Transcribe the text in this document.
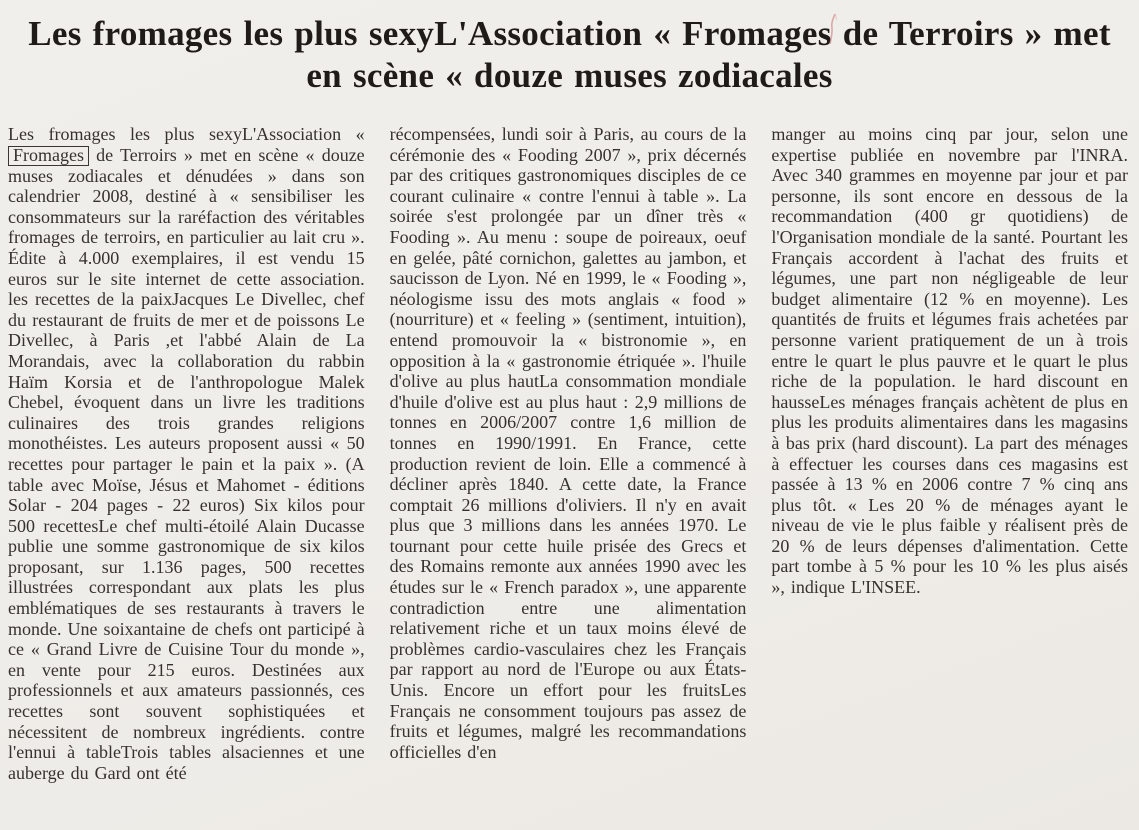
Les fromages les plus sexyL'Association « Fromages de Terroirs » met
en scène « douze muses zodiacales
Les fromages les plus sexyL'Association « Fromages de Terroirs » met en scène « douze muses zodiacales et dénudées » dans son calendrier 2008, destiné à « sensibiliser les consommateurs sur la raréfaction des véritables fromages de terroirs, en particulier au lait cru ». Édite à 4.000 exemplaires, il est vendu 15 euros sur le site internet de cette association. les recettes de la paixJacques Le Divellec, chef du restaurant de fruits de mer et de poissons Le Divellec, à Paris ,et l'abbé Alain de La Morandais, avec la collaboration du rabbin Haïm Korsia et de l'anthropologue Malek Chebel, évoquent dans un livre les traditions culinaires des trois grandes religions monothéistes. Les auteurs proposent aussi « 50 recettes pour partager le pain et la paix ». (A table avec Moïse, Jésus et Mahomet - éditions Solar - 204 pages - 22 euros) Six kilos pour 500 recettesLe chef multi-étoilé Alain Ducasse publie une somme gastronomique de six kilos proposant, sur 1.136 pages, 500 recettes illustrées correspondant aux plats les plus emblématiques de ses restaurants à travers le monde. Une soixantaine de chefs ont participé à ce « Grand Livre de Cuisine Tour du monde », en vente pour 215 euros. Destinées aux professionnels et aux amateurs passionnés, ces recettes sont souvent sophistiquées et nécessitent de nombreux ingrédients. contre l'ennui à tableTrois tables alsaciennes et une auberge du Gard ont été
récompensées, lundi soir à Paris, au cours de la cérémonie des « Fooding 2007 », prix décernés par des critiques gastronomiques disciples de ce courant culinaire « contre l'ennui à table ». La soirée s'est prolongée par un dîner très « Fooding ». Au menu : soupe de poireaux, oeuf en gelée, pâté cornichon, galettes au jambon, et saucisson de Lyon. Né en 1999, le « Fooding », néologisme issu des mots anglais « food » (nourriture) et « feeling » (sentiment, intuition), entend promouvoir la « bistronomie », en opposition à la « gastronomie étriquée ». l'huile d'olive au plus hautLa consommation mondiale d'huile d'olive est au plus haut : 2,9 millions de tonnes en 2006/2007 contre 1,6 million de tonnes en 1990/1991. En France, cette production revient de loin. Elle a commencé à décliner après 1840. A cette date, la France comptait 26 millions d'oliviers. Il n'y en avait plus que 3 millions dans les années 1970. Le tournant pour cette huile prisée des Grecs et des Romains remonte aux années 1990 avec les études sur le « French paradox », une apparente contradiction entre une alimentation relativement riche et un taux moins élevé de problèmes cardio-vasculaires chez les Français par rapport au nord de l'Europe ou aux États-Unis. Encore un effort pour les fruitsLes Français ne consomment toujours pas assez de fruits et légumes, malgré les recommandations officielles d'en
manger au moins cinq par jour, selon une expertise publiée en novembre par l'INRA. Avec 340 grammes en moyenne par jour et par personne, ils sont encore en dessous de la recommandation (400 gr quotidiens) de l'Organisation mondiale de la santé. Pourtant les Français accordent à l'achat des fruits et légumes, une part non négligeable de leur budget alimentaire (12 % en moyenne). Les quantités de fruits et légumes frais achetées par personne varient pratiquement de un à trois entre le quart le plus pauvre et le quart le plus riche de la population. le hard discount en hausseLes ménages français achètent de plus en plus les produits alimentaires dans les magasins à bas prix (hard discount). La part des ménages à effectuer les courses dans ces magasins est passée à 13 % en 2006 contre 7 % cinq ans plus tôt. « Les 20 % de ménages ayant le niveau de vie le plus faible y réalisent près de 20 % de leurs dépenses d'alimentation. Cette part tombe à 5 % pour les 10 % les plus aisés », indique L'INSEE.
